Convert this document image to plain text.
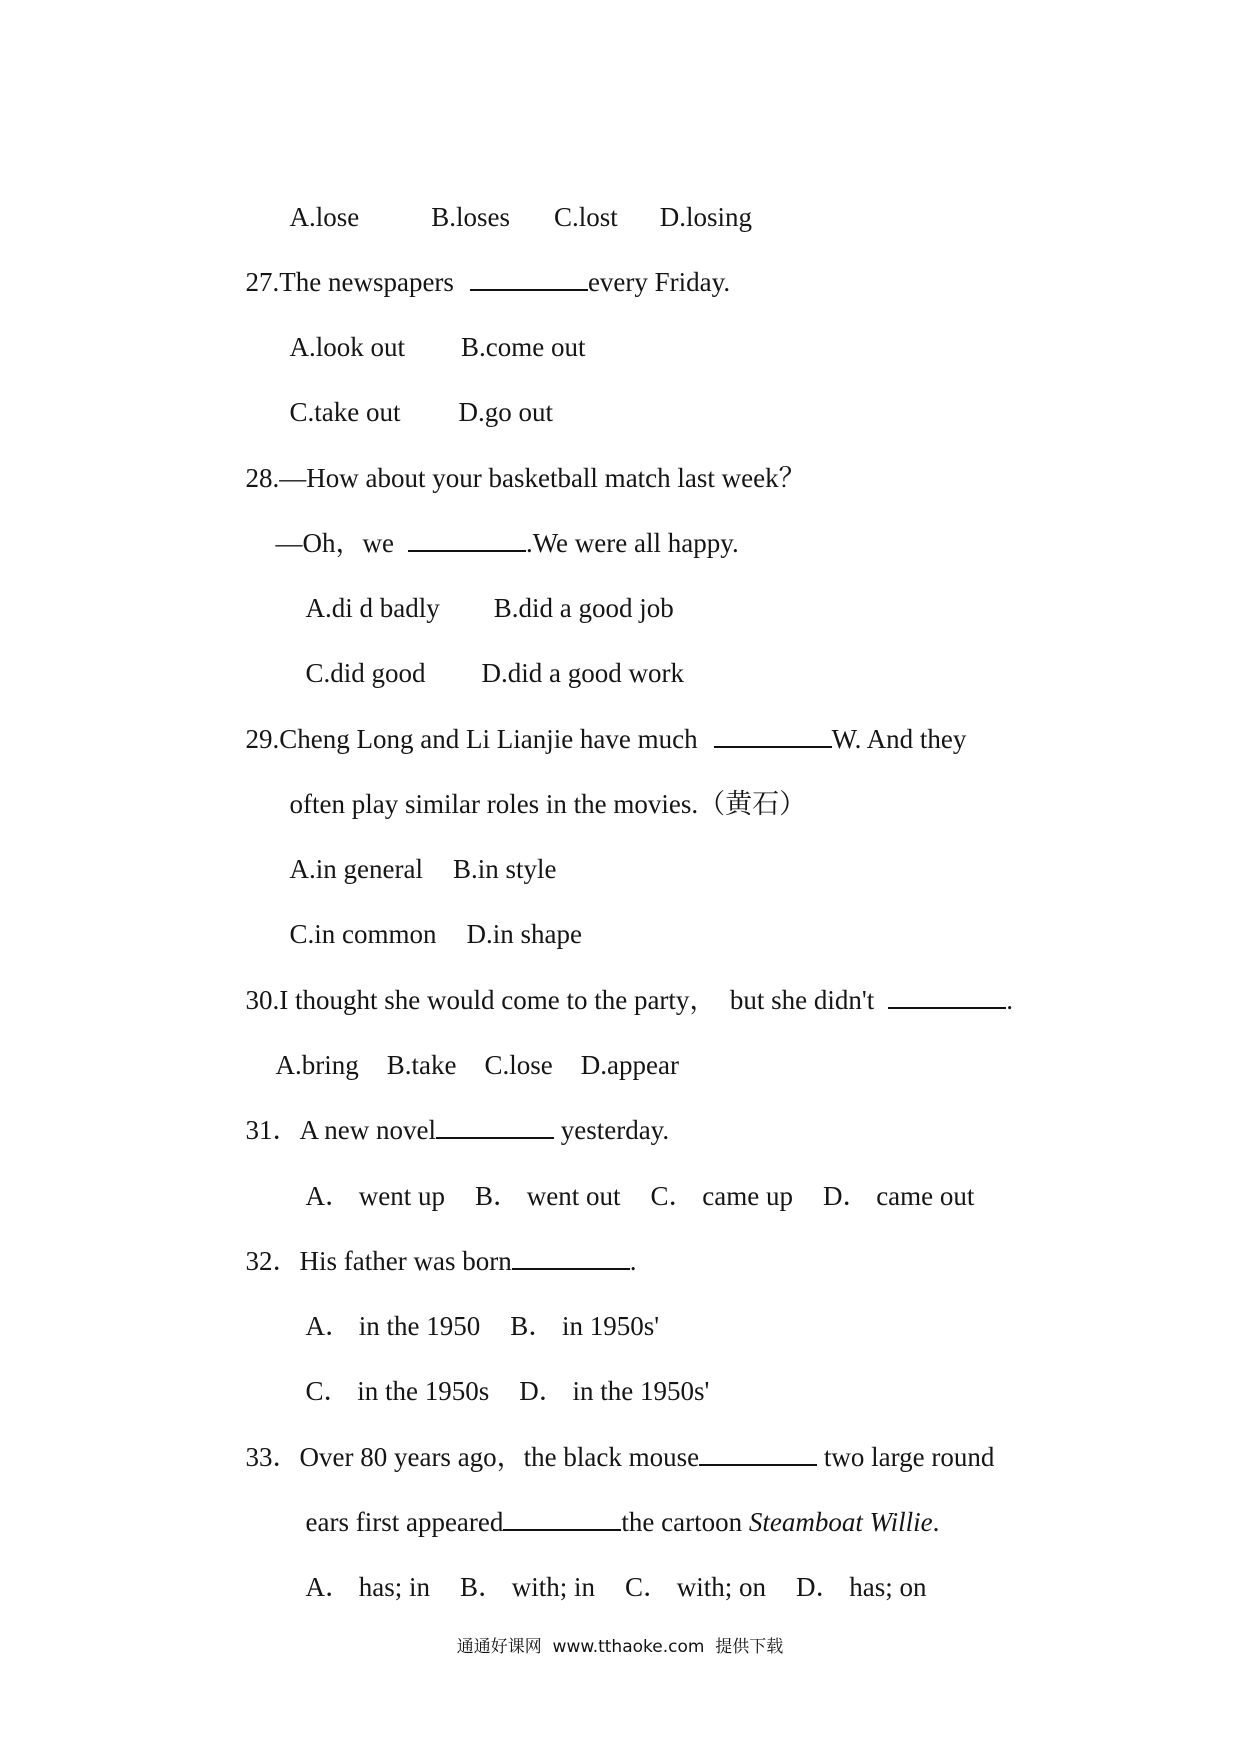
A.lose	B.loses C.lost D.losing

27.The newspapers	every Friday.

A.look out B.come out

C.take out D.go out

28.—How about your basketball match last week？

—Oh，we	.We were all happy.

A.di d badly B.did a good job

C.did good D.did a good work

29.Cheng Long and Li Lianjie have much	W. And they

often play similar roles in the movies.（黄石）

A.in general B.in style

C.in common D.in shape

30.I thought she would come to the party，  but she didn't	.

A.bring B.take C.lose D.appear

31．A new novel	yesterday.

A． went up B． went out C． came up D． came out

32．His father was born	.

A． in the 1950 B． in 1950s'

C． in the 1950s D． in the 1950s'

33．Over 80 years ago，the black mouse	two large round

ears first appeared	the cartoon Steamboat Willie.

A． has; in B． with; in C． with; on D． has; on

通通好课网  www.tthaoke.com  提供下载
